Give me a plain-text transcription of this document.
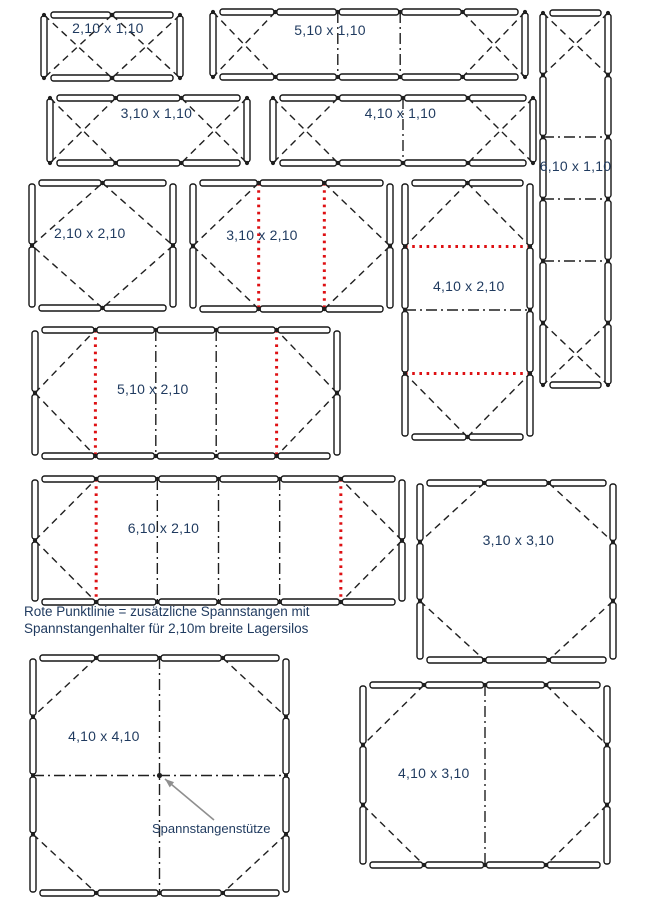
2,10 x 1,10	5,10 x 1,10
6,10 x 1,10
3,10 x 1,10	4,10 x 1,10
2,10 x 2,10	3,10 x 2,10
4,10 x 2,10
5,10 x 2,10
6,10 x 2,10
3,10 x 3,10
4,10 x 4,10
4,10 x 3,10
Rote Punktlinie = zusätzliche Spannstangen mit
Spannstangenhalter für 2,10m breite Lagersilos
Spannstangenstütze
